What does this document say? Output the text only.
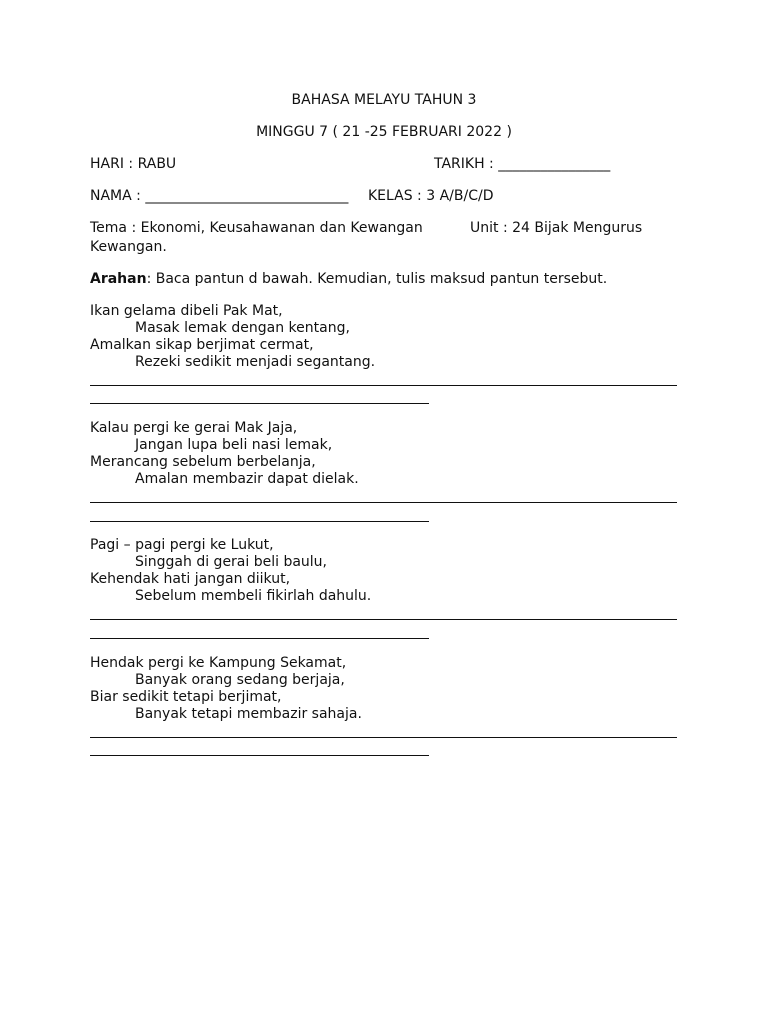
BAHASA MELAYU TAHUN 3
MINGGU 7 ( 21 -25 FEBRUARI 2022 )
HARI : RABU	TARIKH : ________________
NAMA : _____________________________ KELAS : 3 A/B/C/D
Tema : Ekonomi, Keusahawanan dan Kewangan	Unit : 24 Bijak Mengurus
Kewangan.
Arahan: Baca pantun d bawah. Kemudian, tulis maksud pantun tersebut.
Ikan gelama dibeli Pak Mat,
Masak lemak dengan kentang,
Amalkan sikap berjimat cermat,
Rezeki sedikit menjadi segantang.
Kalau pergi ke gerai Mak Jaja,
Jangan lupa beli nasi lemak,
Merancang sebelum berbelanja,
Amalan membazir dapat dielak.
Pagi – pagi pergi ke Lukut,
Singgah di gerai beli baulu,
Kehendak hati jangan diikut,
Sebelum membeli fikirlah dahulu.
Hendak pergi ke Kampung Sekamat,
Banyak orang sedang berjaja,
Biar sedikit tetapi berjimat,
Banyak tetapi membazir sahaja.
